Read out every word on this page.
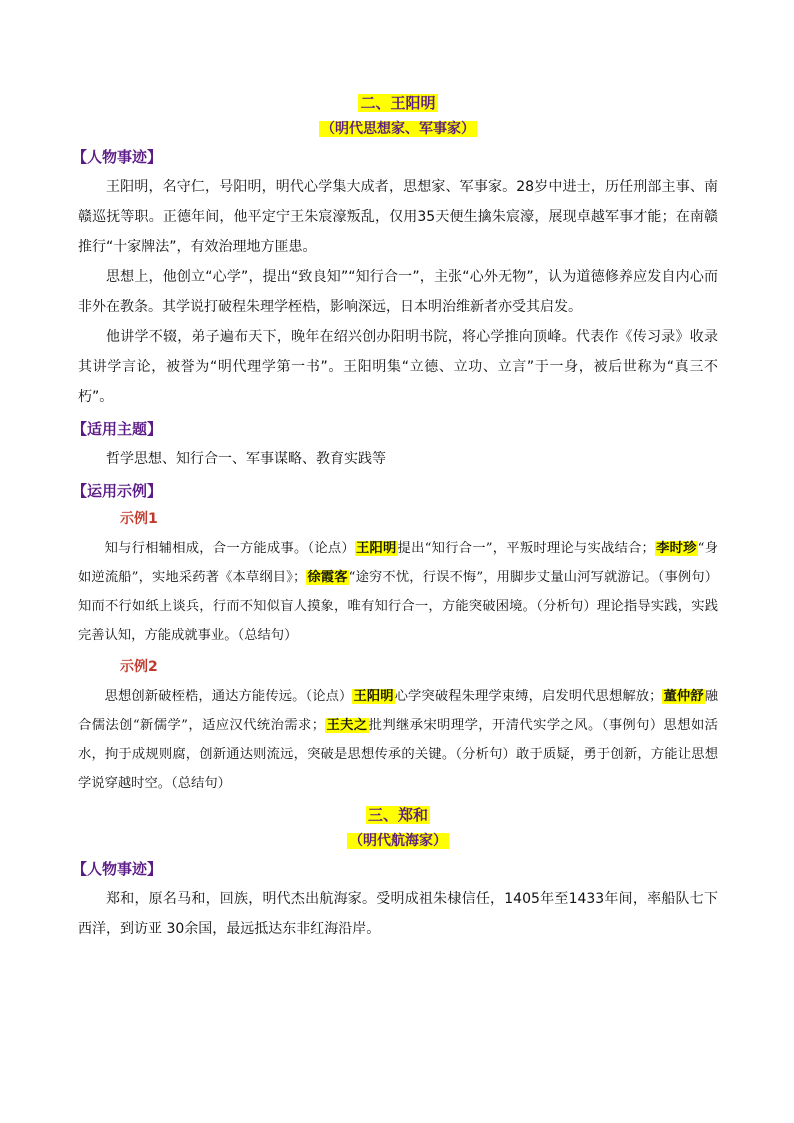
二、王阳明
（明代思想家、军事家）
【人物事迹】

王阳明，名守仁，号阳明，明代心学集大成者，思想家、军事家。28岁中进士，历任刑部主事、南赣巡抚等职。正德年间，他平定宁王朱宸濠叛乱，仅用35天便生擒朱宸濠，展现卓越军事才能；在南赣推行“十家牌法”，有效治理地方匪患。

思想上，他创立“心学”，提出“致良知”“知行合一”，主张“心外无物”，认为道德修养应发自内心而非外在教条。其学说打破程朱理学桎梏，影响深远，日本明治维新者亦受其启发。

他讲学不辍，弟子遍布天下，晚年在绍兴创办阳明书院，将心学推向顶峰。代表作《传习录》收录其讲学言论，被誉为“明代理学第一书”。王阳明集“立德、立功、立言”于一身，被后世称为“真三不朽”。

【适用主题】

哲学思想、知行合一、军事谋略、教育实践等

【运用示例】
示例1

知与行相辅相成，合一方能成事。（论点）王阳明提出“知行合一”，平叛时理论与实战结合；李时珍“身如逆流船”，实地采药著《本草纲目》；徐霞客“途穷不忧，行误不悔”，用脚步丈量山河写就游记。（事例句）知而不行如纸上谈兵，行而不知似盲人摸象，唯有知行合一，方能突破困境。（分析句）理论指导实践，实践完善认知，方能成就事业。（总结句）

示例2

思想创新破桎梏，通达方能传远。（论点）王阳明心学突破程朱理学束缚，启发明代思想解放；董仲舒融合儒法创“新儒学”，适应汉代统治需求；王夫之批判继承宋明理学，开清代实学之风。（事例句）思想如活水，拘于成规则腐，创新通达则流远，突破是思想传承的关键。（分析句）敢于质疑，勇于创新，方能让思想学说穿越时空。（总结句）

三、郑和
（明代航海家）
【人物事迹】

郑和，原名马和，回族，明代杰出航海家。受明成祖朱棣信任，1405年至1433年间，率船队七下西洋，到访亚 30余国，最远抵达东非红海沿岸。
